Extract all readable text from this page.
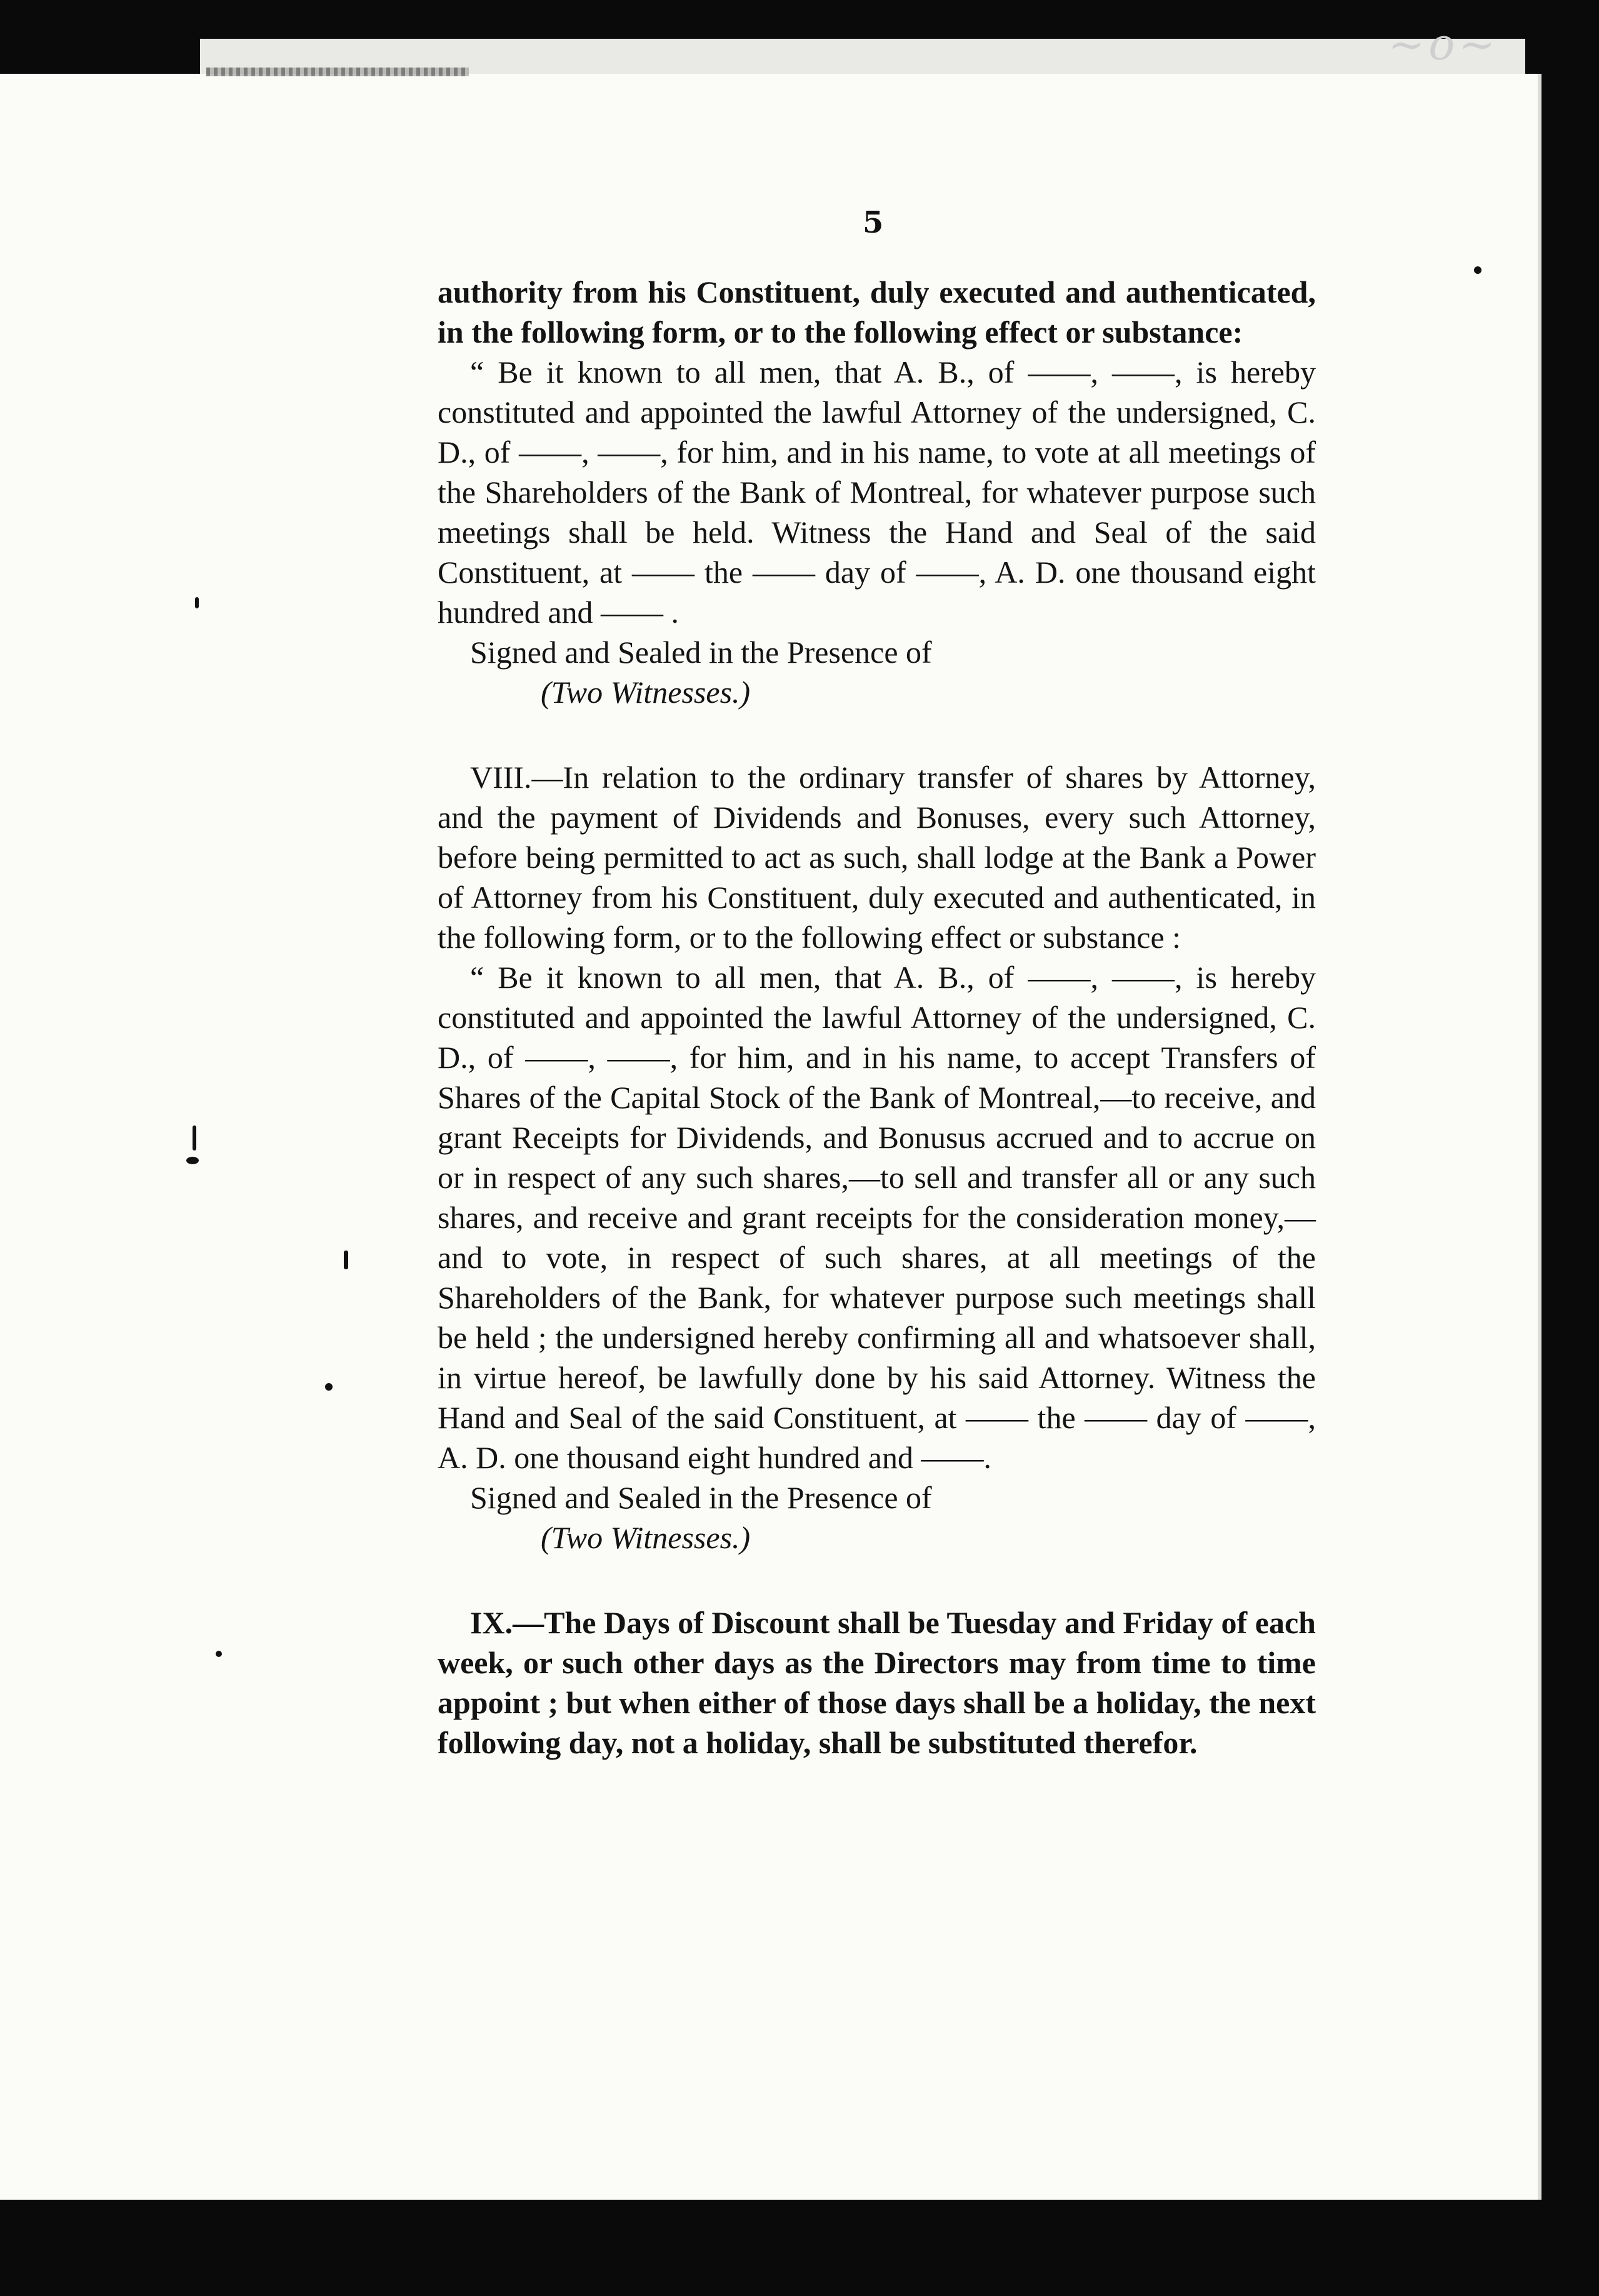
~o~
5

authority from his Constituent, duly executed and authenticated, in the following form, or to the following effect or substance:

“ Be it known to all men, that A. B., of ——, ——, is hereby constituted and appointed the lawful Attorney of the undersigned, C. D., of ——, ——, for him, and in his name, to vote at all meetings of the Shareholders of the Bank of Montreal, for whatever purpose such meetings shall be held. Witness the Hand and Seal of the said Constituent, at —— the —— day of ——, A. D. one thousand eight hundred and —— .

Signed and Sealed in the Presence of

(Two Witnesses.)

VIII.—In relation to the ordinary transfer of shares by Attorney, and the payment of Dividends and Bonuses, every such Attorney, before being permitted to act as such, shall lodge at the Bank a Power of Attorney from his Constituent, duly executed and authenticated, in the following form, or to the following effect or substance :

“ Be it known to all men, that A. B., of ——, ——, is hereby constituted and appointed the lawful Attorney of the undersigned, C. D., of ——, ——, for him, and in his name, to accept Transfers of Shares of the Capital Stock of the Bank of Montreal,—to receive, and grant Receipts for Dividends, and Bonusus accrued and to accrue on or in respect of any such shares,—to sell and transfer all or any such shares, and receive and grant receipts for the consideration money,—and to vote, in respect of such shares, at all meetings of the Shareholders of the Bank, for whatever purpose such meetings shall be held ; the undersigned hereby confirming all and whatsoever shall, in virtue hereof, be lawfully done by his said Attorney. Witness the Hand and Seal of the said Constituent, at —— the —— day of ——, A. D. one thousand eight hundred and ——.

Signed and Sealed in the Presence of

(Two Witnesses.)

IX.—The Days of Discount shall be Tuesday and Friday of each week, or such other days as the Directors may from time to time appoint ; but when either of those days shall be a holiday, the next following day, not a holiday, shall be substituted therefor.
